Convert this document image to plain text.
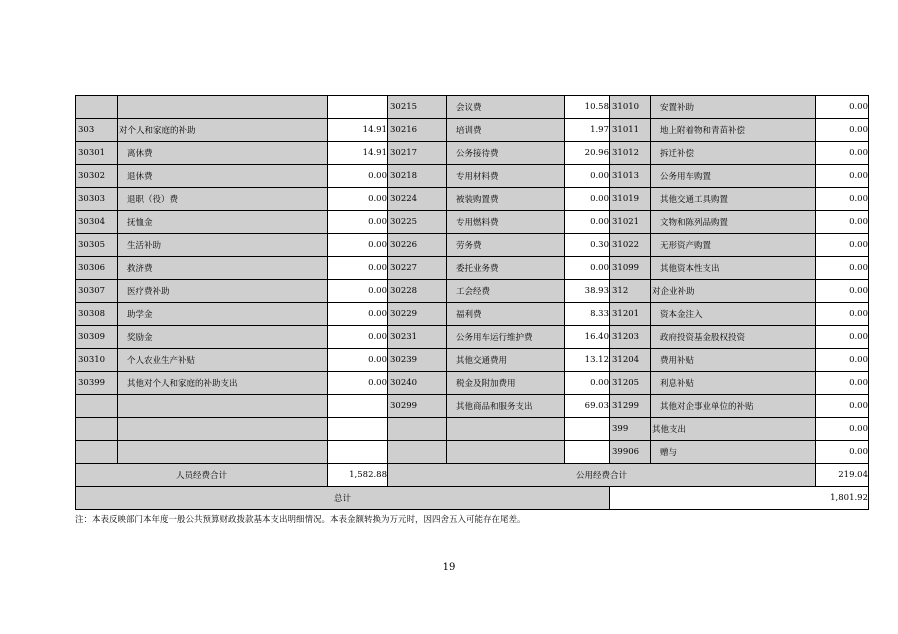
			30215	会议费	10.58	31010	安置补助	0.00
303	对个人和家庭的补助	14.91	30216	培训费	1.97	31011	地上附着物和青苗补偿	0.00
30301	离休费	14.91	30217	公务接待费	20.96	31012	拆迁补偿	0.00
30302	退休费	0.00	30218	专用材料费	0.00	31013	公务用车购置	0.00
30303	退职（役）费	0.00	30224	被装购置费	0.00	31019	其他交通工具购置	0.00
30304	抚恤金	0.00	30225	专用燃料费	0.00	31021	文物和陈列品购置	0.00
30305	生活补助	0.00	30226	劳务费	0.30	31022	无形资产购置	0.00
30306	救济费	0.00	30227	委托业务费	0.00	31099	其他资本性支出	0.00
30307	医疗费补助	0.00	30228	工会经费	38.93	312	对企业补助	0.00
30308	助学金	0.00	30229	福利费	8.33	31201	资本金注入	0.00
30309	奖励金	0.00	30231	公务用车运行维护费	16.40	31203	政府投资基金股权投资	0.00
30310	个人农业生产补贴	0.00	30239	其他交通费用	13.12	31204	费用补贴	0.00
30399	其他对个人和家庭的补助支出	0.00	30240	税金及附加费用	0.00	31205	利息补贴	0.00
			30299	其他商品和服务支出	69.03	31299	其他对企事业单位的补贴	0.00
						399	其他支出	0.00
						39906	赠与	0.00
人员经费合计		1,582.88	公用经费合计					219.04
总计						1,801.92		
注：本表反映部门本年度一般公共预算财政拨款基本支出明细情况。本表金额转换为万元时，因四舍五入可能存在尾差。
19
